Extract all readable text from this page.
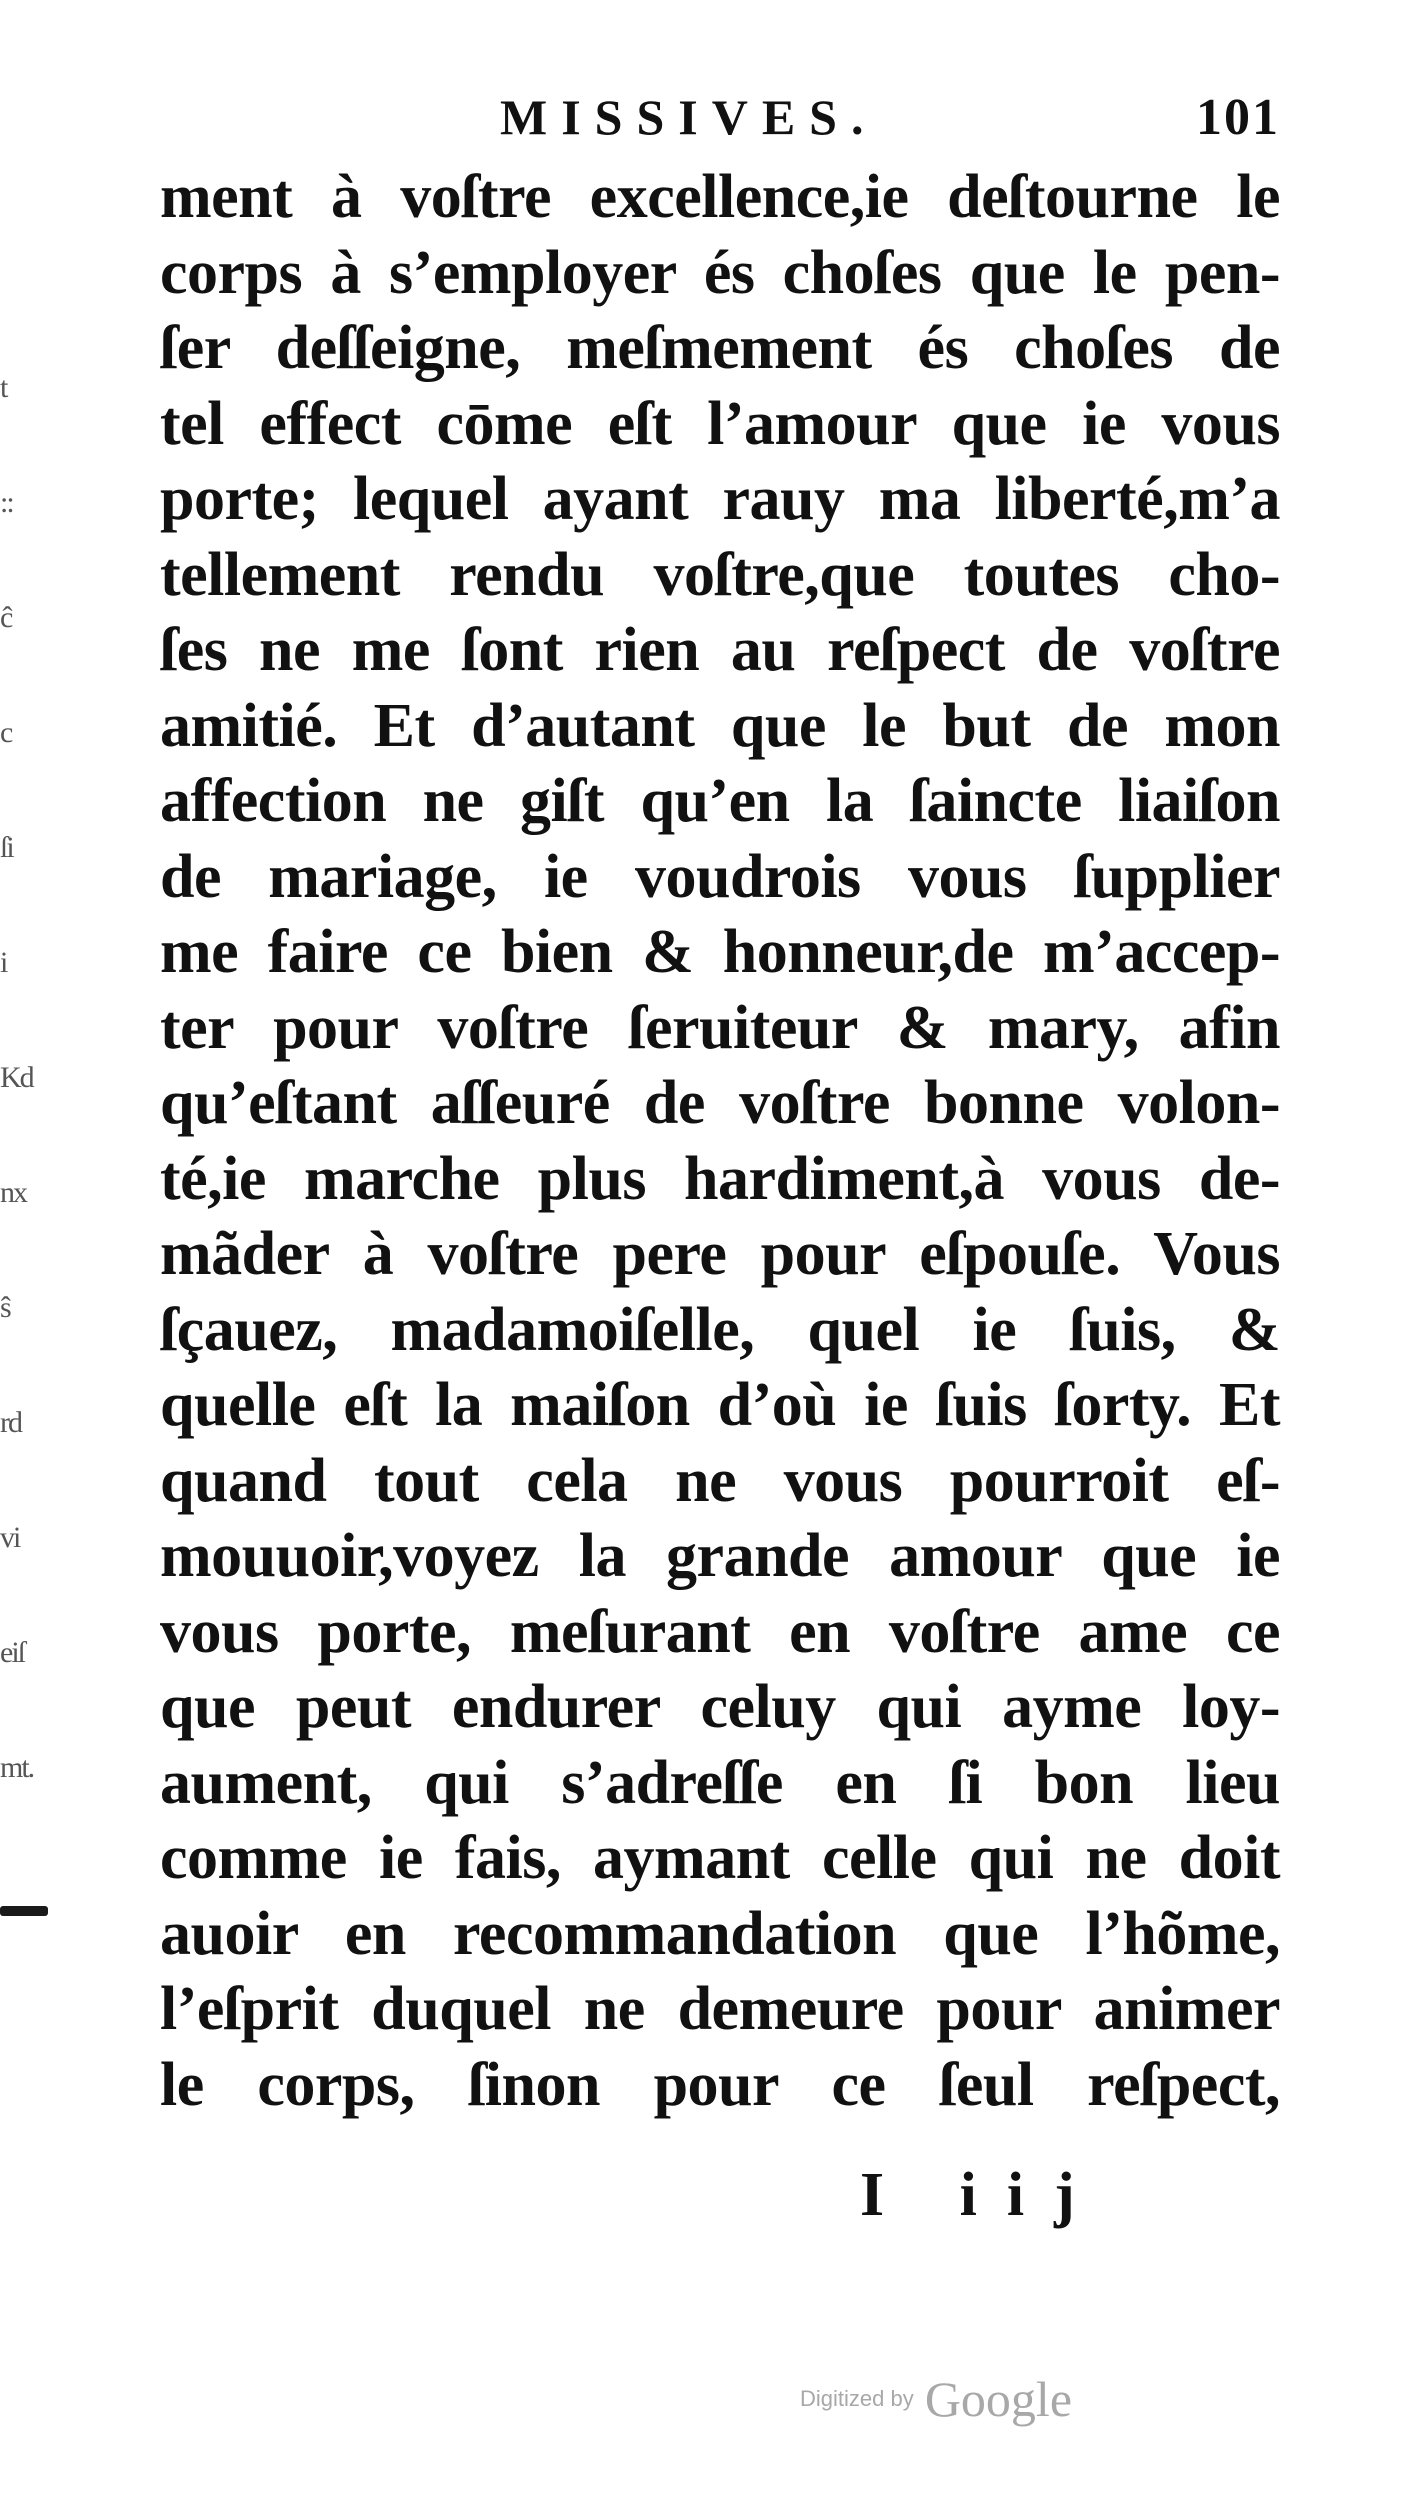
t
::
ĉ
c
ſi
i
Kd
nx
ŝ
rd
vi
eiſ
mt.
MISSIVES.	101
ment à voſtre excellence,ie deſtourne le
corps à s’employer és choſes que le pen-
ſer deſſeigne, meſmement és choſes de
tel effect cōme eſt l’amour que ie vous
porte; lequel ayant rauy ma liberté,m’a
tellement rendu voſtre,que toutes cho-
ſes ne me ſont rien au reſpect de voſtre
amitié. Et d’autant que le but de mon
affection ne giſt qu’en la ſaincte liaiſon
de mariage, ie voudrois vous ſupplier
me faire ce bien & honneur,de m’accep-
ter pour voſtre ſeruiteur & mary, afin
qu’eſtant aſſeuré de voſtre bonne volon-
té,ie marche plus hardiment,à vous de-
mãder à voſtre pere pour eſpouſe. Vous
ſçauez, madamoiſelle, quel ie ſuis, &
quelle eſt la maiſon d’où ie ſuis ſorty. Et
quand tout cela ne vous pourroit eſ-
mouuoir,voyez la grande amour que ie
vous porte, meſurant en voſtre ame ce
que peut endurer celuy qui ayme loy-
aument, qui s’adreſſe en ſi bon lieu
comme ie fais, aymant celle qui ne doit
auoir en recommandation que l’hõme,
l’eſprit duquel ne demeure pour animer
le corps, ſinon pour ce ſeul reſpect,
I iij
Digitized by Google
